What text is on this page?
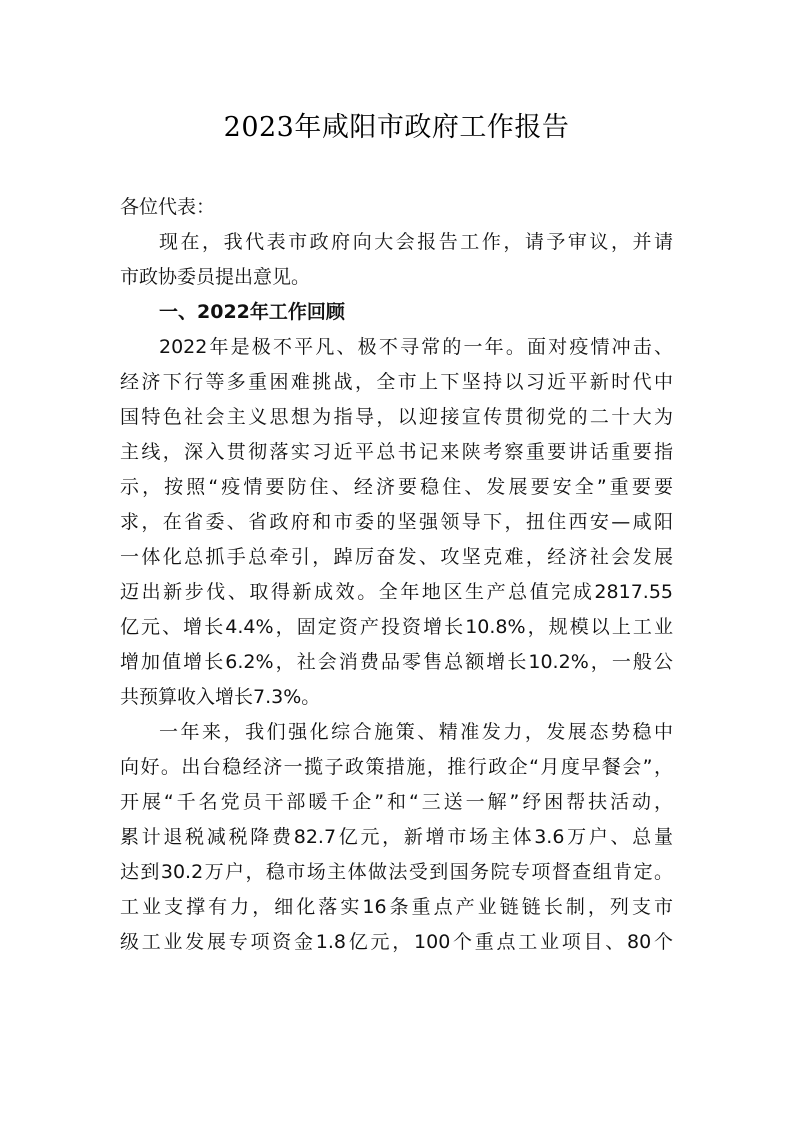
2023年咸阳市政府工作报告
各位代表：
现在，我代表市政府向大会报告工作，请予审议，并请
市政协委员提出意见。
一、2022年工作回顾
2022年是极不平凡、极不寻常的一年。面对疫情冲击、
经济下行等多重困难挑战，全市上下坚持以习近平新时代中
国特色社会主义思想为指导，以迎接宣传贯彻党的二十大为
主线，深入贯彻落实习近平总书记来陕考察重要讲话重要指
示，按照“疫情要防住、经济要稳住、发展要安全”重要要
求，在省委、省政府和市委的坚强领导下，扭住西安—咸阳
一体化总抓手总牵引，踔厉奋发、攻坚克难，经济社会发展
迈出新步伐、取得新成效。全年地区生产总值完成2817.55
亿元、增长4.4%，固定资产投资增长10.8%，规模以上工业
增加值增长6.2%，社会消费品零售总额增长10.2%，一般公
共预算收入增长7.3%。
一年来，我们强化综合施策、精准发力，发展态势稳中
向好。出台稳经济一揽子政策措施，推行政企“月度早餐会”，
开展“千名党员干部暖千企”和“三送一解”纾困帮扶活动，
累计退税减税降费82.7亿元，新增市场主体3.6万户、总量
达到30.2万户，稳市场主体做法受到国务院专项督查组肯定。
工业支撑有力，细化落实16条重点产业链链长制，列支市
级工业发展专项资金1.8亿元，100个重点工业项目、80个
